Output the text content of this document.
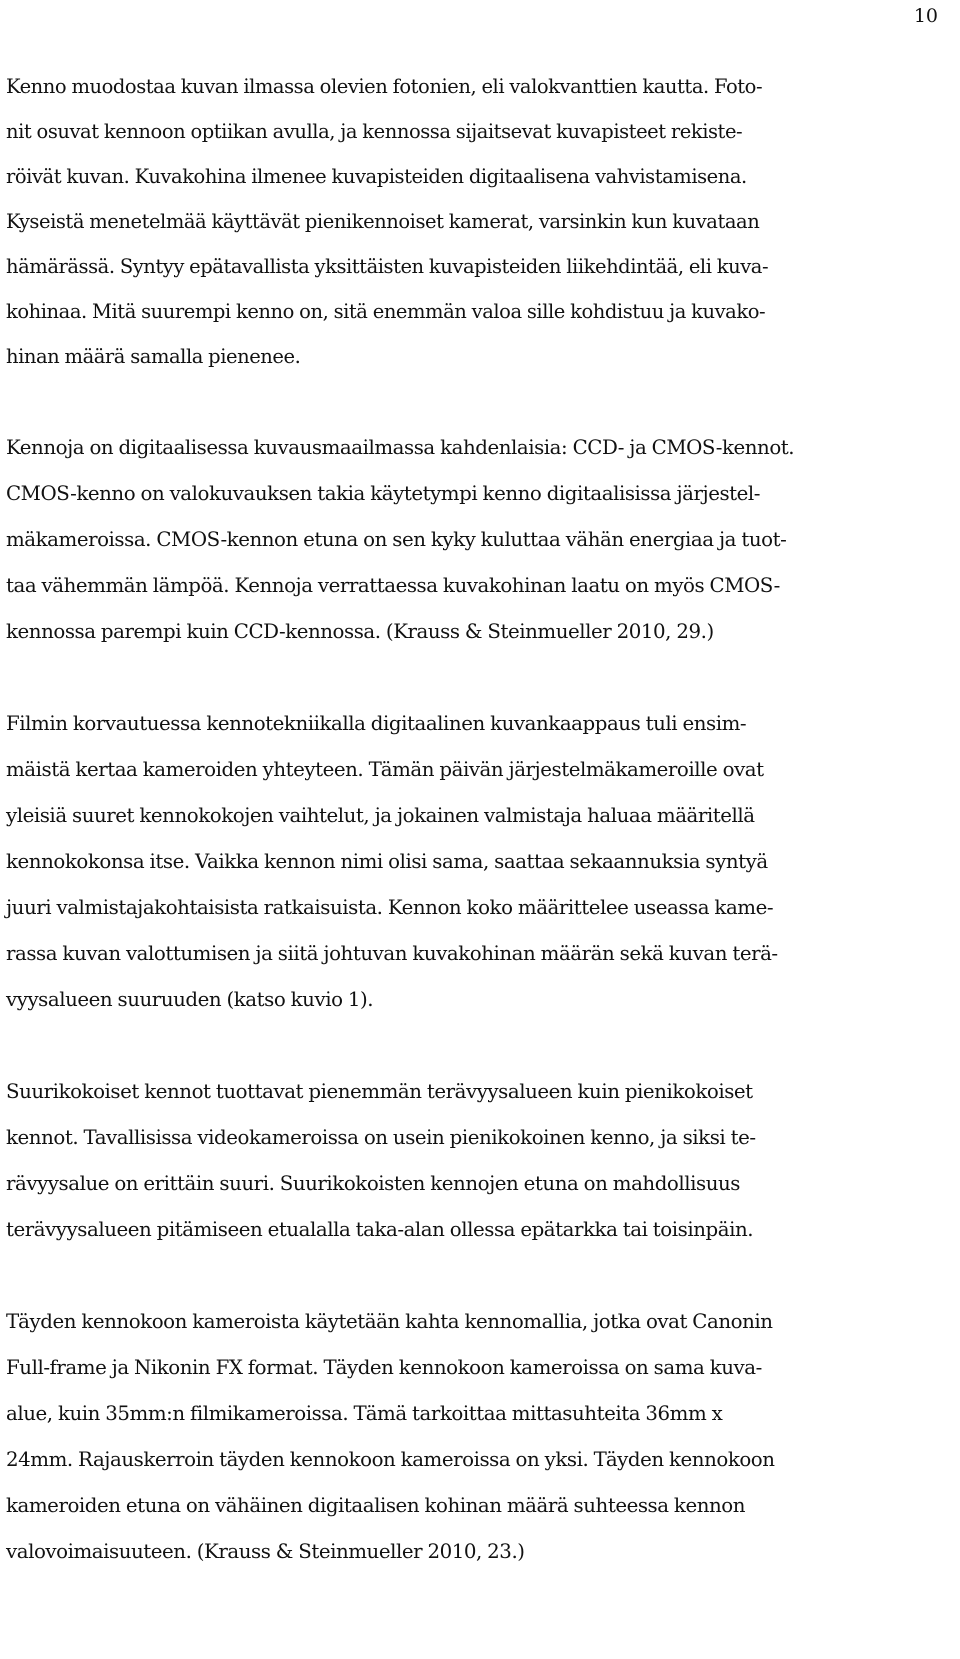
10

Kenno muodostaa kuvan ilmassa olevien fotonien, eli valokvanttien kautta. Foto-
nit osuvat kennoon optiikan avulla, ja kennossa sijaitsevat kuvapisteet rekiste-
röivät kuvan. Kuvakohina ilmenee kuvapisteiden digitaalisena vahvistamisena.
Kyseistä menetelmää käyttävät pienikennoiset kamerat, varsinkin kun kuvataan
hämärässä. Syntyy epätavallista yksittäisten kuvapisteiden liikehdintää, eli kuva-
kohinaa. Mitä suurempi kenno on, sitä enemmän valoa sille kohdistuu ja kuvako-
hinan määrä samalla pienenee.

Kennoja on digitaalisessa kuvausmaailmassa kahdenlaisia: CCD- ja CMOS-kennot.
CMOS-kenno on valokuvauksen takia käytetympi kenno digitaalisissa järjestel-
mäkameroissa. CMOS-kennon etuna on sen kyky kuluttaa vähän energiaa ja tuot-
taa vähemmän lämpöä. Kennoja verrattaessa kuvakohinan laatu on myös CMOS-
kennossa parempi kuin CCD-kennossa. (Krauss & Steinmueller 2010, 29.)

Filmin korvautuessa kennotekniikalla digitaalinen kuvankaappaus tuli ensim-
mäistä kertaa kameroiden yhteyteen. Tämän päivän järjestelmäkameroille ovat
yleisiä suuret kennokokojen vaihtelut, ja jokainen valmistaja haluaa määritellä
kennokokonsa itse. Vaikka kennon nimi olisi sama, saattaa sekaannuksia syntyä
juuri valmistajakohtaisista ratkaisuista. Kennon koko määrittelee useassa kame-
rassa kuvan valottumisen ja siitä johtuvan kuvakohinan määrän sekä kuvan terä-
vyysalueen suuruuden (katso kuvio 1).

Suurikokoiset kennot tuottavat pienemmän terävyysalueen kuin pienikokoiset
kennot. Tavallisissa videokameroissa on usein pienikokoinen kenno, ja siksi te-
rävyysalue on erittäin suuri. Suurikokoisten kennojen etuna on mahdollisuus
terävyysalueen pitämiseen etualalla taka-alan ollessa epätarkka tai toisinpäin.

Täyden kennokoon kameroista käytetään kahta kennomallia, jotka ovat Canonin
Full-frame ja Nikonin FX format. Täyden kennokoon kameroissa on sama kuva-
alue, kuin 35mm:n filmikameroissa. Tämä tarkoittaa mittasuhteita 36mm x
24mm. Rajauskerroin täyden kennokoon kameroissa on yksi. Täyden kennokoon
kameroiden etuna on vähäinen digitaalisen kohinan määrä suhteessa kennon
valovoimaisuuteen. (Krauss & Steinmueller 2010, 23.)
